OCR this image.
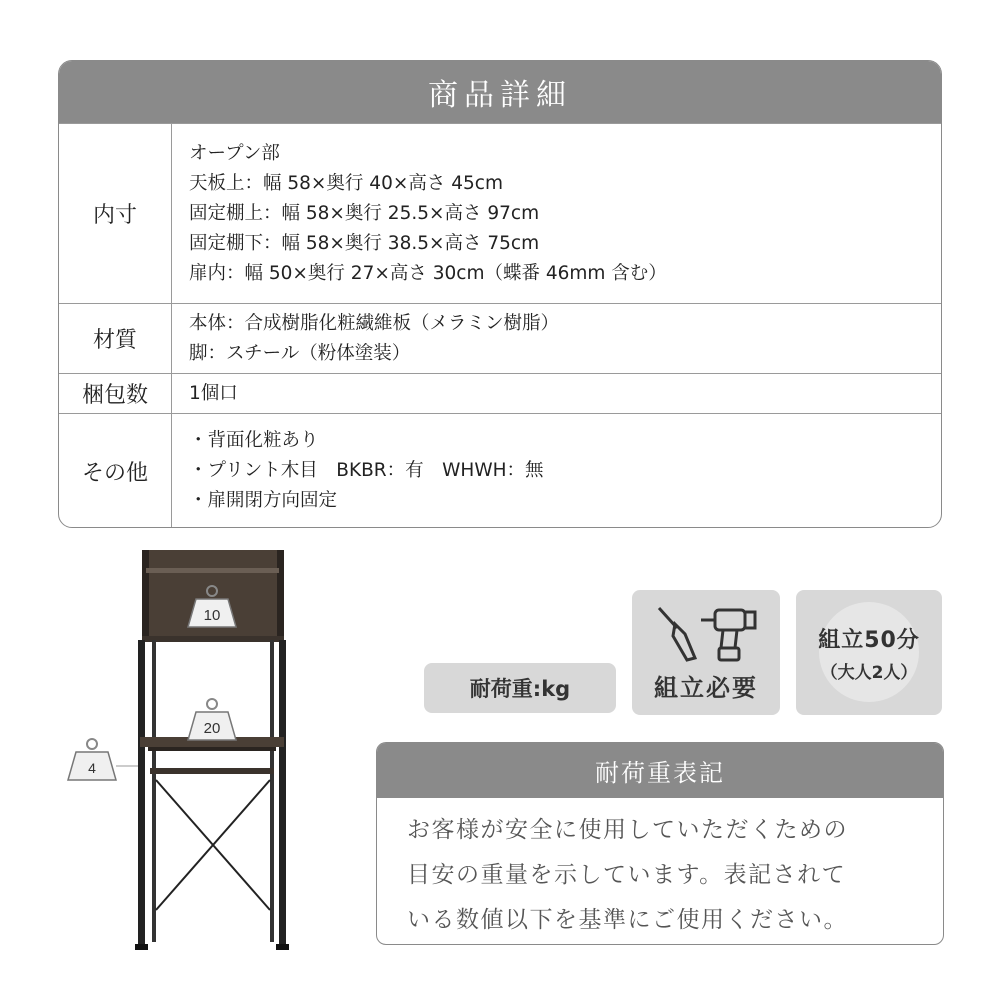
商品詳細
内寸
オープン部
天板上：幅 58×奥行 40×高さ 45cm
固定棚上：幅 58×奥行 25.5×高さ 97cm
固定棚下：幅 58×奥行 38.5×高さ 75cm
扉内：幅 50×奥行 27×高さ 30cm（蝶番 46mm 含む）
材質
本体：合成樹脂化粧繊維板（メラミン樹脂）
脚：スチール（粉体塗装）
梱包数	1個口
その他
・背面化粧あり
・プリント木目　BKBR：有　WHWH：無
・扉開閉方向固定
10
20
4
耐荷重:kg	組立必要
組立50分
（大人2人）
耐荷重表記
お客様が安全に使用していただくための
目安の重量を示しています。表記されて
いる数値以下を基準にご使用ください。
